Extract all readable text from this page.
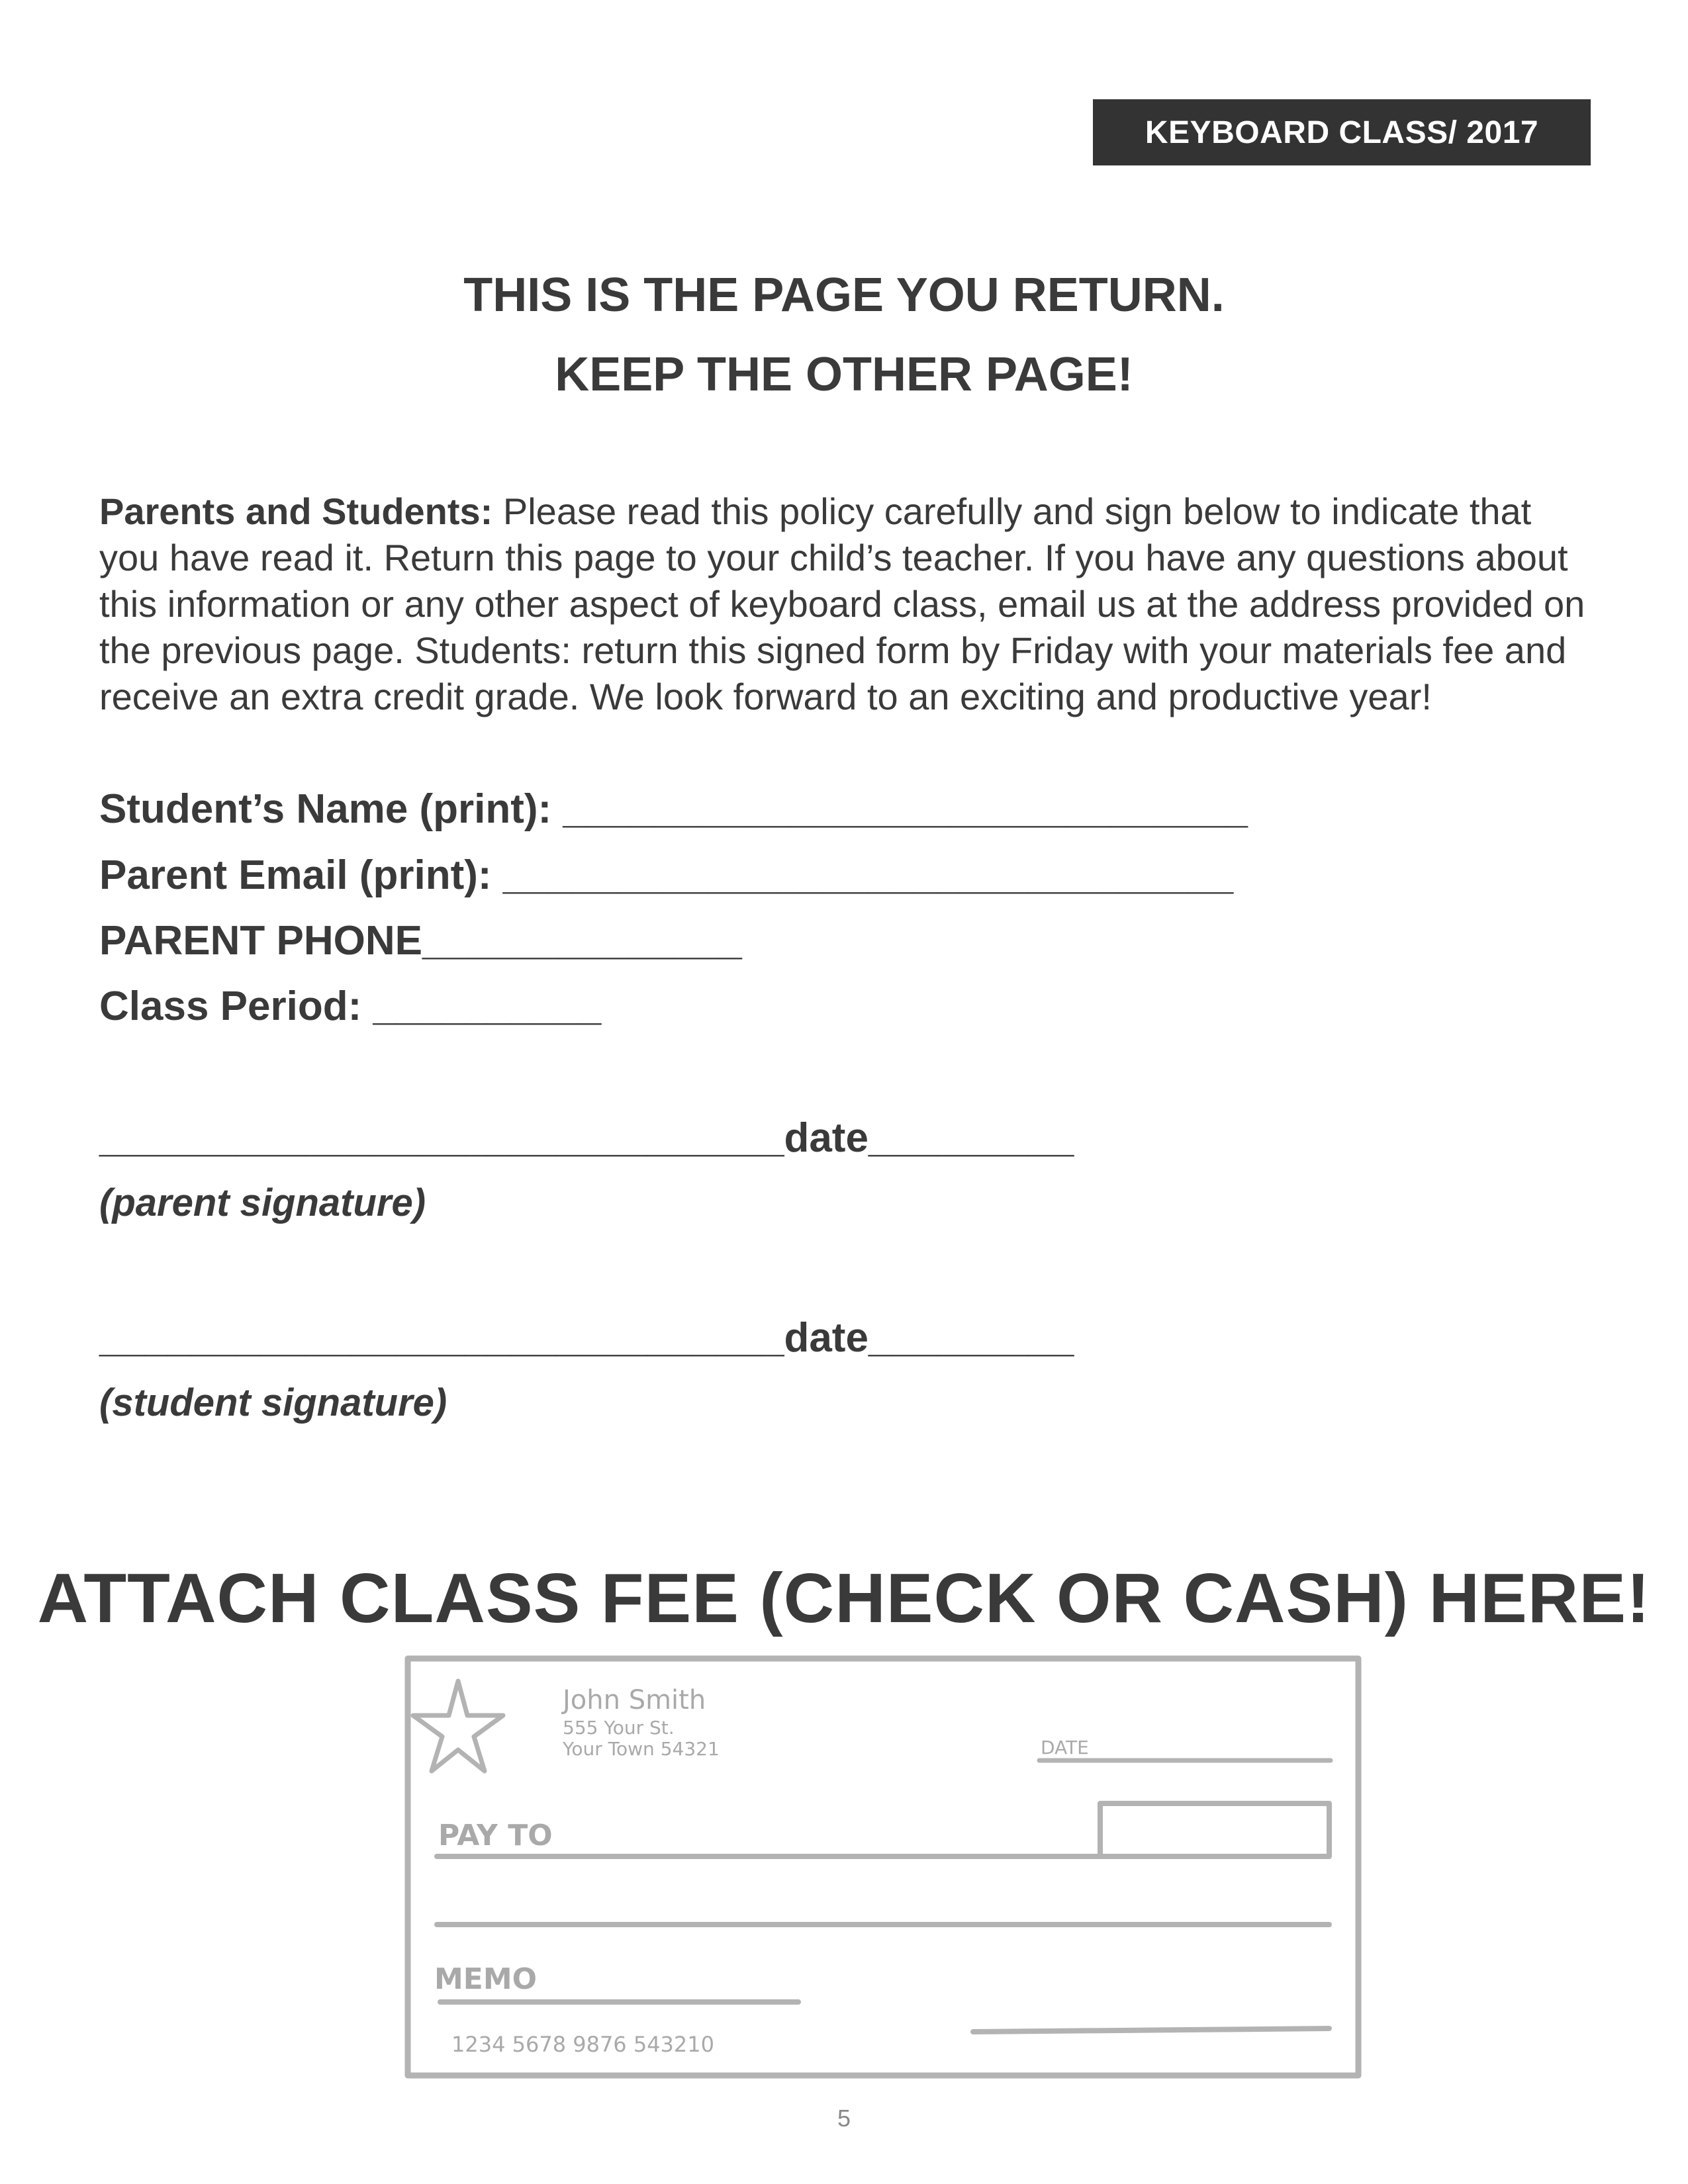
KEYBOARD CLASS/ 2017
THIS IS THE PAGE YOU RETURN.
KEEP THE OTHER PAGE!
Parents and Students: Please read this policy carefully and sign below to indicate that you have read it. Return this page to your child’s teacher. If you have any questions about this information or any other aspect of keyboard class, email us at the address provided on the previous page. Students: return this signed form by Friday with your materials fee and receive an extra credit grade. We look forward to an exciting and productive year!
Student’s Name (print): ______________________________
Parent Email (print): ________________________________
PARENT PHONE______________
Class Period: __________
______________________________date_________
(parent signature)
______________________________date_________
(student signature)
ATTACH CLASS FEE (CHECK OR CASH) HERE!
John Smith
555 Your St.
Your Town 54321	DATE
PAY TO
MEMO
1234 5678 9876 543210
5
